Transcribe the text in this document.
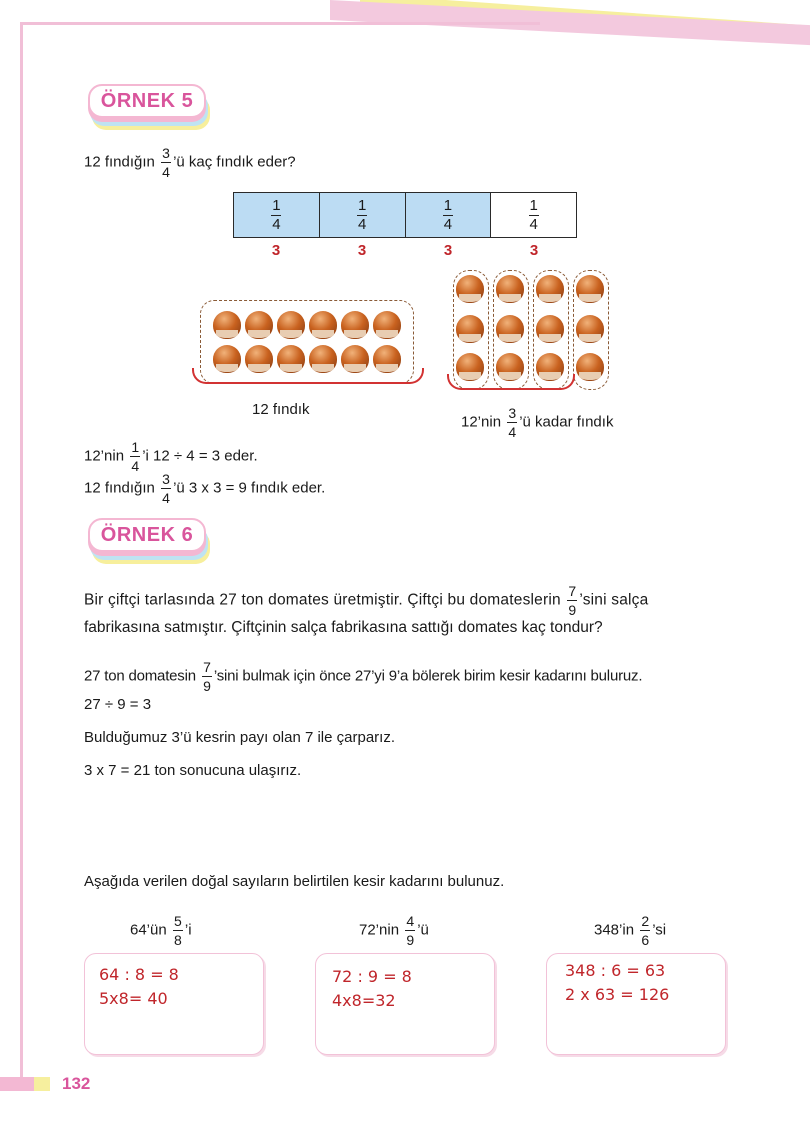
ÖRNEK 5
12 fındığın $\frac{3}{4}$ ’ü kaç fındık eder?
$\frac{1}{4}$	$\frac{1}{4}$	$\frac{1}{4}$	$\frac{1}{4}$
3	3	3	3
12 fındık
12’nin $\frac{3}{4}$ ’ü kadar fındık
12’nin $\frac{1}{4}$ ’i 12 ÷ 4 = 3 eder.
12 fındığın $\frac{3}{4}$ ’ü 3 x 3 = 9 fındık eder.
ÖRNEK 6
Bir çiftçi tarlasında 27 ton domates üretmiştir. Çiftçi bu domateslerin $\frac{7}{9}$ ’sini salça
fabrikasına satmıştır. Çiftçinin salça fabrikasına sattığı domates kaç tondur?
27 ton domatesin $\frac{7}{9}$ ’sini bulmak için önce 27’yi 9’a bölerek birim kesir kadarını buluruz.
27 ÷ 9 = 3
Bulduğumuz 3’ü kesrin payı olan 7 ile çarparız.
3 x 7 = 21 ton sonucuna ulaşırız.
Aşağıda verilen doğal sayıların belirtilen kesir kadarını bulunuz.
64’ün $\frac{5}{8}$ ’i	72’nin $\frac{4}{9}$ ’ü	348’in $\frac{2}{6}$ ’si
64 : 8 = 8
5x8= 40
72 : 9 = 8
4x8=32
348 : 6 = 63
2 x 63 = 126
132
